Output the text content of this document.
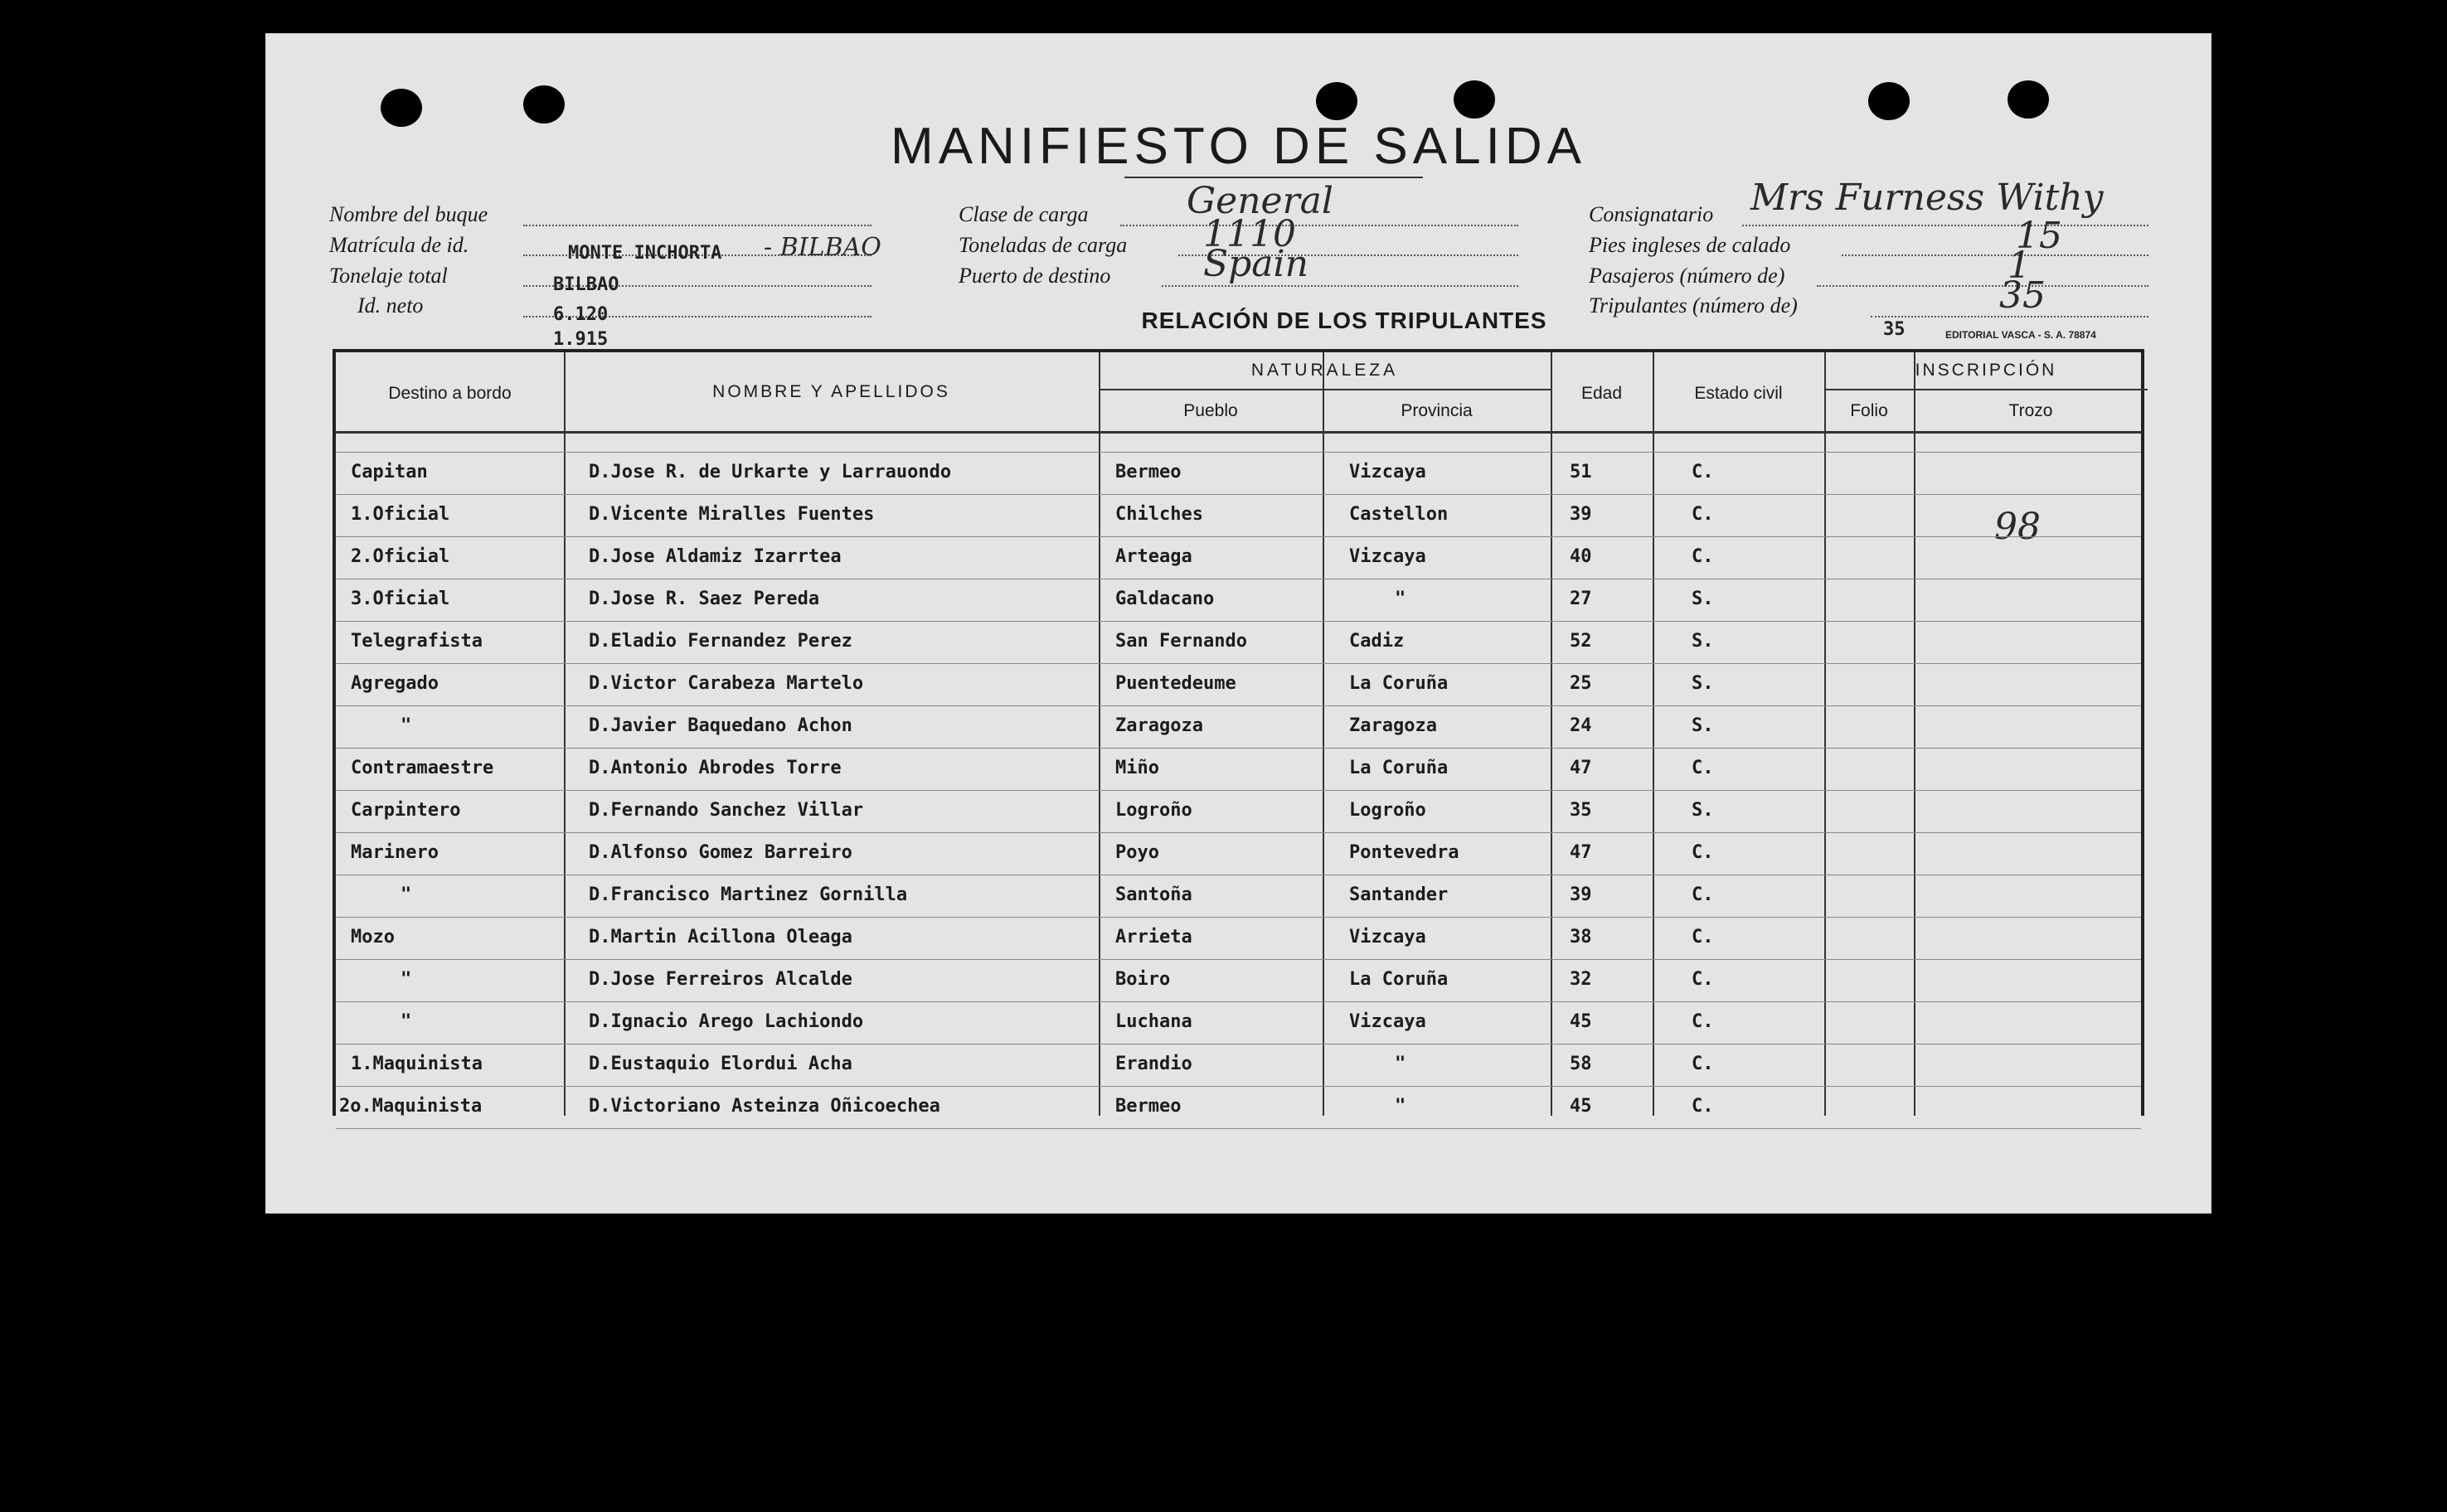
MANIFIESTO DE SALIDA
Nombre del buque
Matrícula de id.	MONTE INCHORTA - BILBAO
Tonelaje total	BILBAO
Id. neto	6.120
1.915
Clase de carga	General
Toneladas de carga 1110
Puerto de destino	Spain
Consignatario Mrs Furness Withy
Pies ingleses de calado	15
Pasajeros (número de)	1
Tripulantes (número de)	35
RELACIÓN DE LOS TRIPULANTES	35	EDITORIAL VASCA - S. A. 78874
Destino a bordo	NOMBRE Y APELLIDOS
NATURALEZA
Pueblo	Provincia
Edad	Estado civil
INSCRIPCIÓN
Folio	Trozo
98
Capitan	D.Jose R. de Urkarte y Larrauondo	Bermeo	Vizcaya	51	C.
1.Oficial	D.Vicente Miralles Fuentes	Chilches	Castellon	39	C.
2.Oficial	D.Jose Aldamiz Izarrtea	Arteaga	Vizcaya	40	C.
3.Oficial	D.Jose R. Saez Pereda	Galdacano	"	27	S.
Telegrafista	D.Eladio Fernandez Perez	San Fernando	Cadiz	52	S.
Agregado	D.Victor Carabeza Martelo	Puentedeume	La Coruña	25	S.
"	D.Javier Baquedano Achon	Zaragoza	Zaragoza	24	S.
Contramaestre	D.Antonio Abrodes Torre	Miño	La Coruña	47	C.
Carpintero	D.Fernando Sanchez Villar	Logroño	Logroño	35	S.
Marinero	D.Alfonso Gomez Barreiro	Poyo	Pontevedra	47	C.
"	D.Francisco Martinez Gornilla	Santoña	Santander	39	C.
Mozo	D.Martin Acillona Oleaga	Arrieta	Vizcaya	38	C.
"	D.Jose Ferreiros Alcalde	Boiro	La Coruña	32	C.
"	D.Ignacio Arego Lachiondo	Luchana	Vizcaya	45	C.
1.Maquinista	D.Eustaquio Elordui Acha	Erandio	"	58	C.
2o.Maquinista	D.Victoriano Asteinza Oñicoechea	Bermeo	"	45	C.
